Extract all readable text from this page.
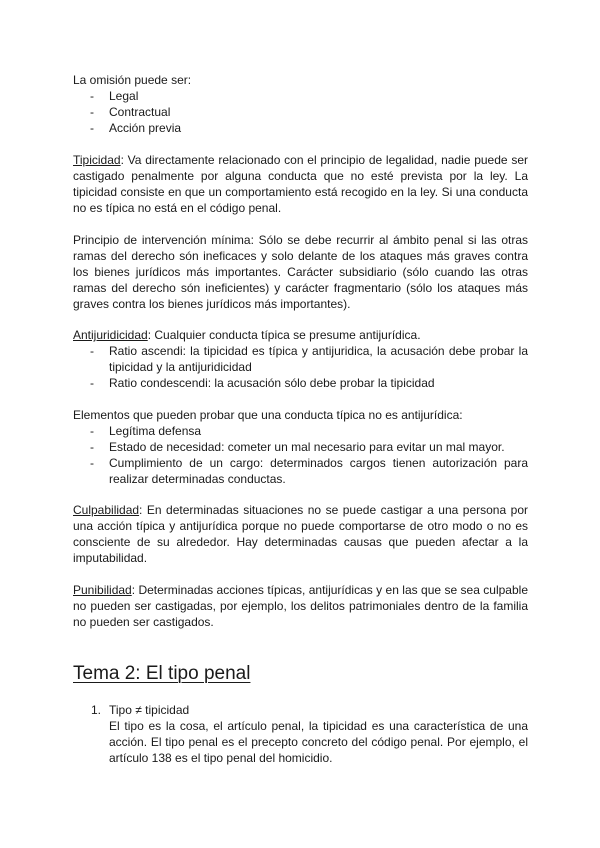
La omisión puede ser:

- Legal
- Contractual
- Acción previa

Tipicidad: Va directamente relacionado con el principio de legalidad, nadie puede ser castigado penalmente por alguna conducta que no esté prevista por la ley. La tipicidad consiste en que un comportamiento está recogido en la ley. Si una conducta no es típica no está en el código penal.

Principio de intervención mínima: Sólo se debe recurrir al ámbito penal si las otras ramas del derecho són ineficaces y solo delante de los ataques más graves contra los bienes jurídicos más importantes. Carácter subsidiario (sólo cuando las otras ramas del derecho són ineficientes) y carácter fragmentario (sólo los ataques más graves contra los bienes jurídicos más importantes).

Antijuridicidad: Cualquier conducta típica se presume antijurídica.

- Ratio ascendi: la tipicidad es típica y antijuridica, la acusación debe probar la tipicidad y la antijuridicidad
- Ratio condescendi: la acusación sólo debe probar la tipicidad

Elementos que pueden probar que una conducta típica no es antijurídica:

- Legítima defensa
- Estado de necesidad: cometer un mal necesario para evitar un mal mayor.
- Cumplimiento de un cargo: determinados cargos tienen autorización para realizar determinadas conductas.

Culpabilidad: En determinadas situaciones no se puede castigar a una persona por una acción típica y antijurídica porque no puede comportarse de otro modo o no es consciente de su alrededor. Hay determinadas causas que pueden afectar a la imputabilidad.

Punibilidad: Determinadas acciones típicas, antijurídicas y en las que se sea culpable no pueden ser castigadas, por ejemplo, los delitos patrimoniales dentro de la familia no pueden ser castigados.

Tema 2: El tipo penal
1. Tipo ≠ tipicidad

El tipo es la cosa, el artículo penal, la tipicidad es una característica de una acción. El tipo penal es el precepto concreto del código penal. Por ejemplo, el artículo 138 es el tipo penal del homicidio.
